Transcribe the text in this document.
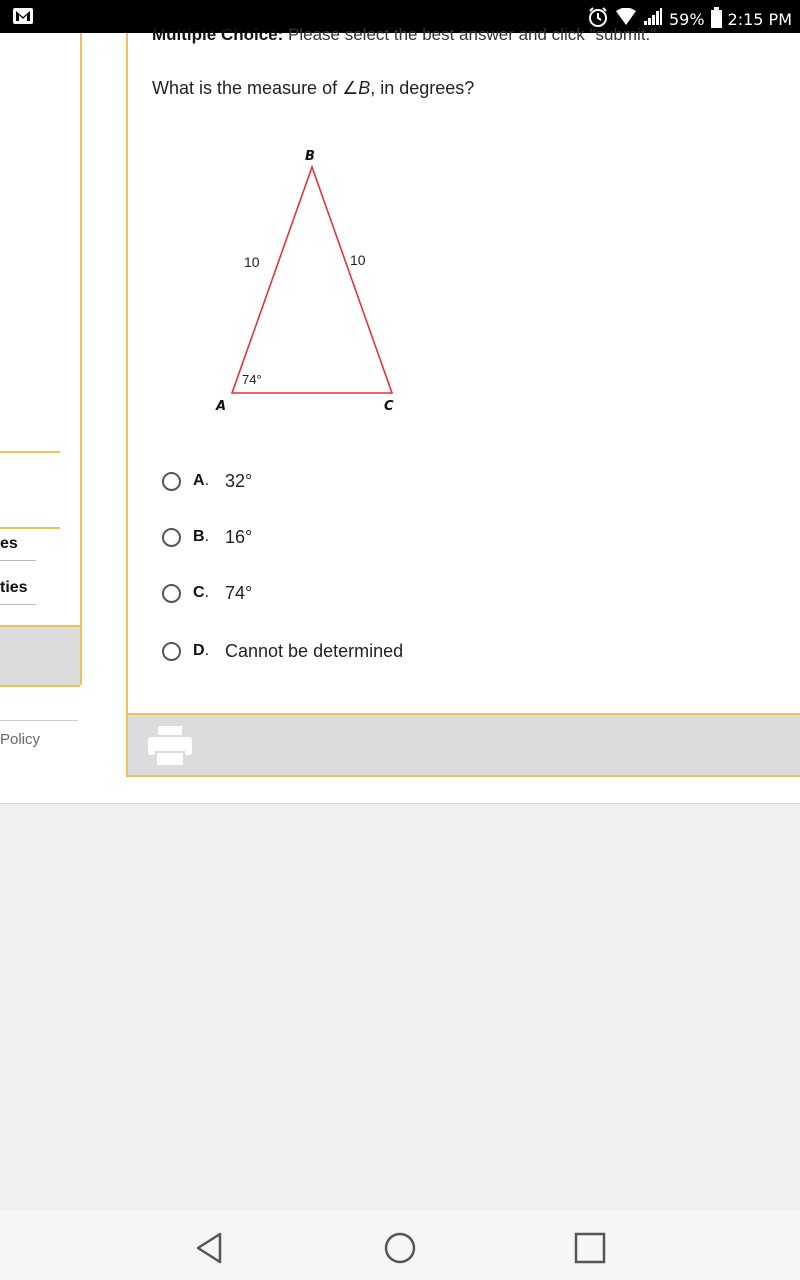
59% 2:15 PM
es
ties
Policy
Multiple Choice: Please select the best answer and click "submit."
What is the measure of ∠B, in degrees?
B
A	C
10	10
74°
A. 32°
B. 16°
C. 74°
D. Cannot be determined
